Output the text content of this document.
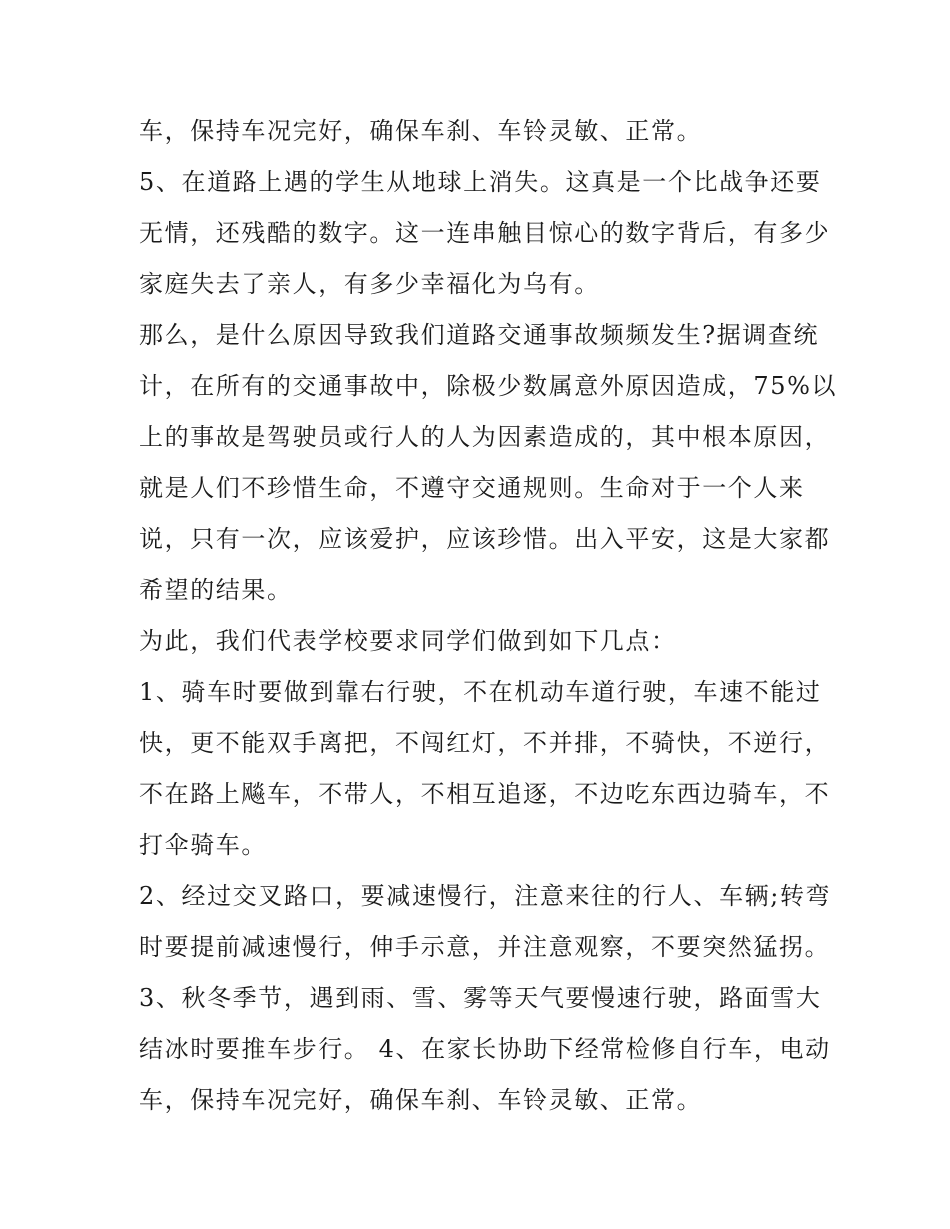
车，保持车况完好，确保车刹、车铃灵敏、正常。
5、在道路上遇的学生从地球上消失。这真是一个比战争还要
无情，还残酷的数字。这一连串触目惊心的数字背后，有多少
家庭失去了亲人，有多少幸福化为乌有。
那么，是什么原因导致我们道路交通事故频频发生?据调查统
计，在所有的交通事故中，除极少数属意外原因造成，75%以
上的事故是驾驶员或行人的人为因素造成的，其中根本原因，
就是人们不珍惜生命，不遵守交通规则。生命对于一个人来
说，只有一次，应该爱护，应该珍惜。出入平安，这是大家都
希望的结果。
为此，我们代表学校要求同学们做到如下几点：
1、骑车时要做到靠右行驶，不在机动车道行驶，车速不能过
快，更不能双手离把，不闯红灯，不并排，不骑快，不逆行，
不在路上飚车，不带人，不相互追逐，不边吃东西边骑车，不
打伞骑车。
2、经过交叉路口，要减速慢行，注意来往的行人、车辆;转弯
时要提前减速慢行，伸手示意，并注意观察，不要突然猛拐。
3、秋冬季节，遇到雨、雪、雾等天气要慢速行驶，路面雪大
结冰时要推车步行。 4、在家长协助下经常检修自行车，电动
车，保持车况完好，确保车刹、车铃灵敏、正常。
